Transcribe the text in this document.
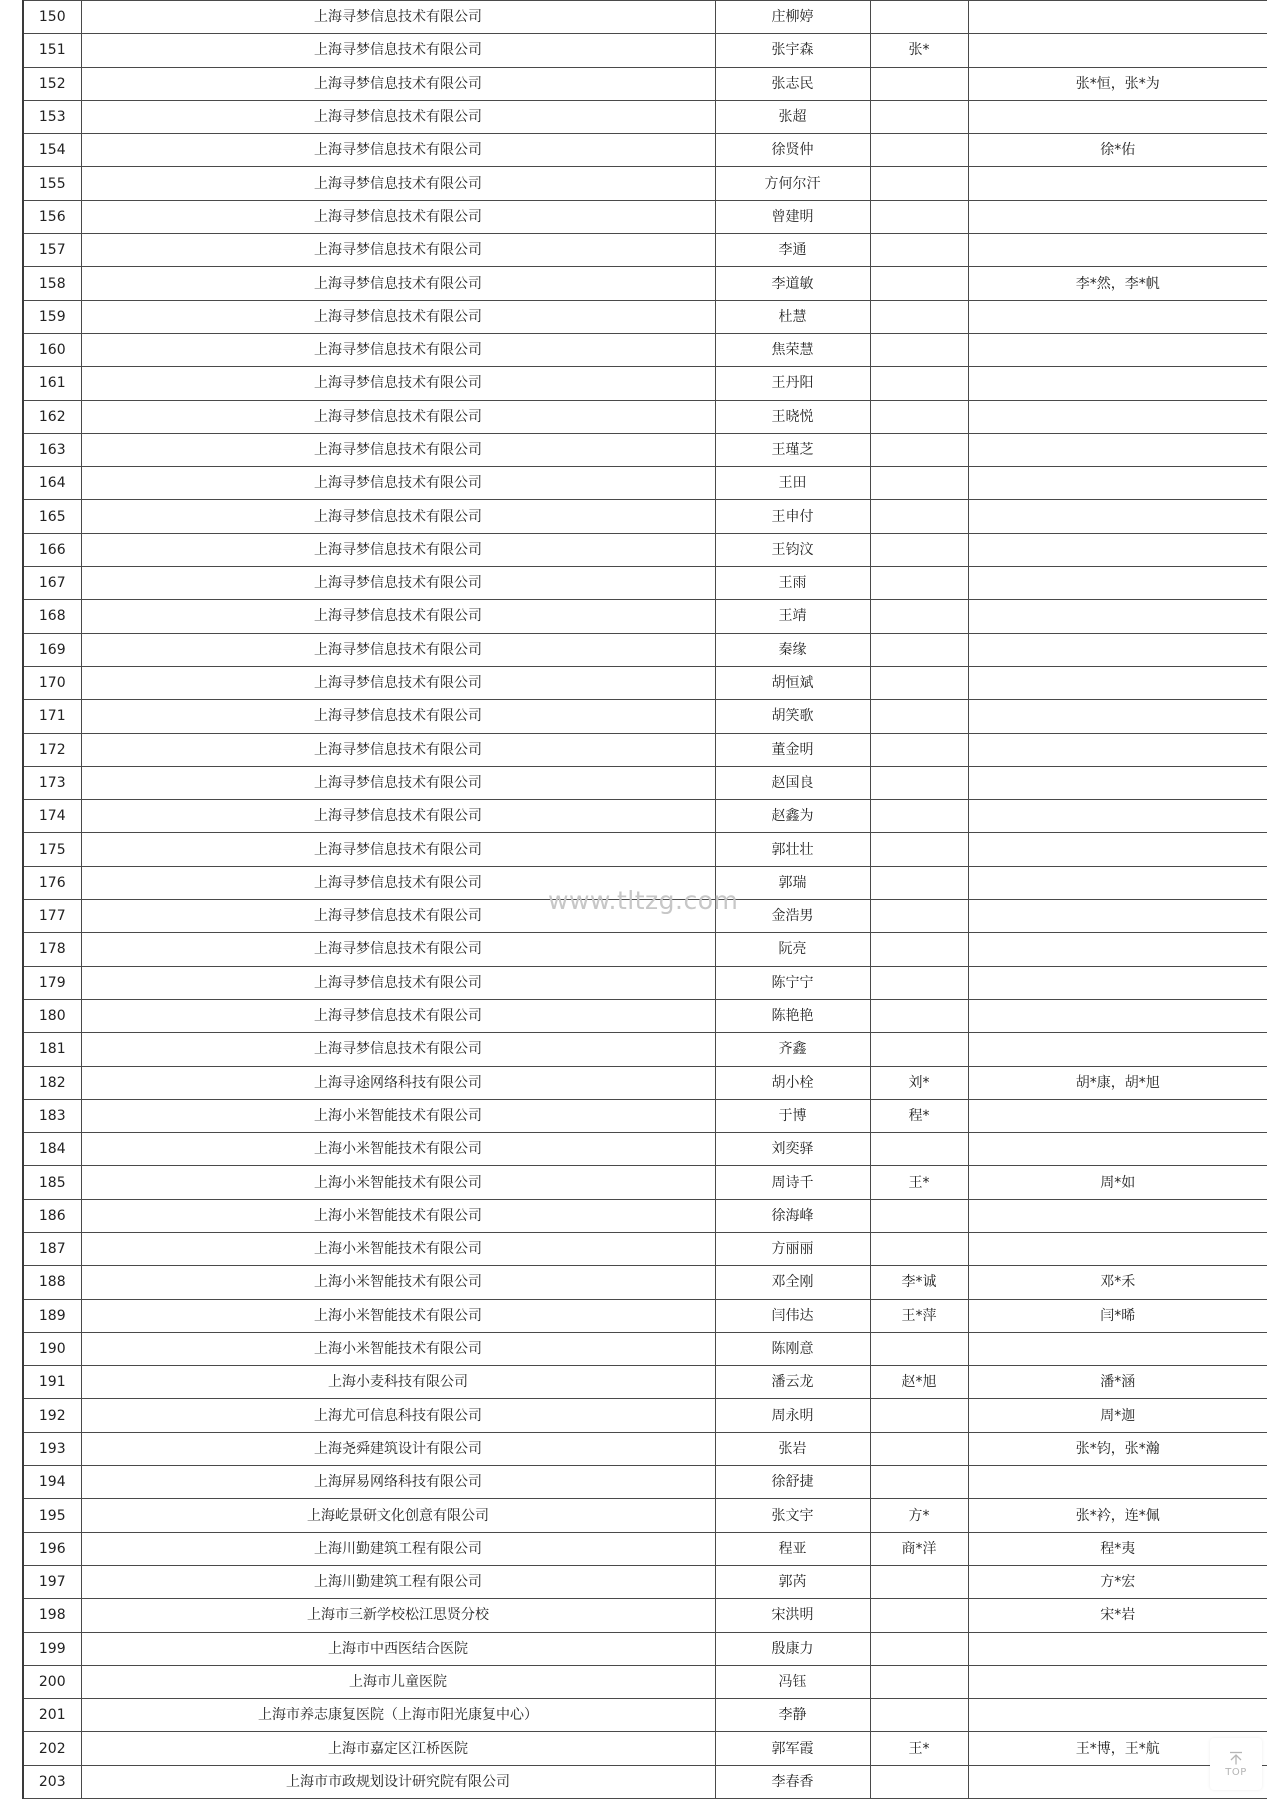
150	上海寻梦信息技术有限公司	庄柳婷		
151	上海寻梦信息技术有限公司	张宇森	张*	
152	上海寻梦信息技术有限公司	张志民		张*恒，张*为
153	上海寻梦信息技术有限公司	张超		
154	上海寻梦信息技术有限公司	徐贤仲		徐*佑
155	上海寻梦信息技术有限公司	方何尔汗		
156	上海寻梦信息技术有限公司	曾建明		
157	上海寻梦信息技术有限公司	李通		
158	上海寻梦信息技术有限公司	李道敏		李*然，李*帆
159	上海寻梦信息技术有限公司	杜慧		
160	上海寻梦信息技术有限公司	焦荣慧		
161	上海寻梦信息技术有限公司	王丹阳		
162	上海寻梦信息技术有限公司	王晓悦		
163	上海寻梦信息技术有限公司	王瑾芝		
164	上海寻梦信息技术有限公司	王田		
165	上海寻梦信息技术有限公司	王申付		
166	上海寻梦信息技术有限公司	王钧汶		
167	上海寻梦信息技术有限公司	王雨		
168	上海寻梦信息技术有限公司	王靖		
169	上海寻梦信息技术有限公司	秦缘		
170	上海寻梦信息技术有限公司	胡恒斌		
171	上海寻梦信息技术有限公司	胡笑歌		
172	上海寻梦信息技术有限公司	董金明		
173	上海寻梦信息技术有限公司	赵国良		
174	上海寻梦信息技术有限公司	赵鑫为		
175	上海寻梦信息技术有限公司	郭壮壮		
176	上海寻梦信息技术有限公司	郭瑞		
177	上海寻梦信息技术有限公司	金浩男		
178	上海寻梦信息技术有限公司	阮亮		
179	上海寻梦信息技术有限公司	陈宁宁		
180	上海寻梦信息技术有限公司	陈艳艳		
181	上海寻梦信息技术有限公司	齐鑫		
182	上海寻途网络科技有限公司	胡小栓	刘*	胡*康，胡*旭
183	上海小米智能技术有限公司	于博	程*	
184	上海小米智能技术有限公司	刘奕驿		
185	上海小米智能技术有限公司	周诗千	王*	周*如
186	上海小米智能技术有限公司	徐海峰		
187	上海小米智能技术有限公司	方丽丽		
188	上海小米智能技术有限公司	邓全刚	李*诚	邓*禾
189	上海小米智能技术有限公司	闫伟达	王*萍	闫*晞
190	上海小米智能技术有限公司	陈刚意		
191	上海小麦科技有限公司	潘云龙	赵*旭	潘*涵
192	上海尤可信息科技有限公司	周永明		周*迦
193	上海尧舜建筑设计有限公司	张岩		张*钧，张*瀚
194	上海屏易网络科技有限公司	徐舒捷		
195	上海屹景研文化创意有限公司	张文宇	方*	张*衿，连*佩
196	上海川勤建筑工程有限公司	程亚	商*洋	程*夷
197	上海川勤建筑工程有限公司	郭芮		方*宏
198	上海市三新学校松江思贤分校	宋洪明		宋*岩
199	上海市中西医结合医院	殷康力		
200	上海市儿童医院	冯钰		
201	上海市养志康复医院（上海市阳光康复中心）	李静		
202	上海市嘉定区江桥医院	郭军霞	王*	王*博，王*航
203	上海市市政规划设计研究院有限公司	李春香		
www.tltzg.com
TOP
